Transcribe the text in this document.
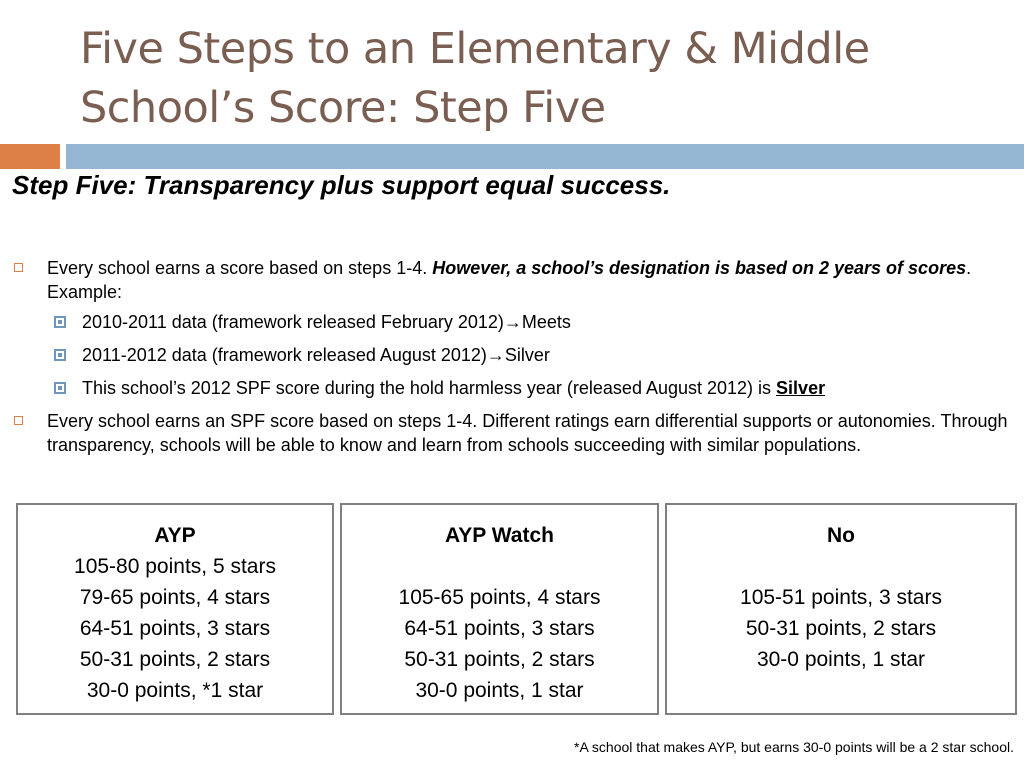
Five Steps to an Elementary & Middle
School’s Score: Step Five
Step Five: Transparency plus support equal success.
Every school earns a score based on steps 1-4. However, a school’s designation is based on 2 years of scores. Example:
2010-2011 data (framework released February 2012)→Meets
2011-2012 data (framework released August 2012)→Silver
This school’s 2012 SPF score during the hold harmless year (released August 2012) is Silver
Every school earns an SPF score based on steps 1-4. Different ratings earn differential supports or autonomies. Through transparency, schools will be able to know and learn from schools succeeding with similar populations.
AYP
105-80 points, 5 stars
79-65 points, 4 stars
64-51 points, 3 stars
50-31 points, 2 stars
30-0 points, *1 star
AYP Watch
105-65 points, 4 stars
64-51 points, 3 stars
50-31 points, 2 stars
30-0 points, 1 star
No
105-51 points, 3 stars
50-31 points, 2 stars
30-0 points, 1 star
*A school that makes AYP, but earns 30-0 points will be a 2 star school.
